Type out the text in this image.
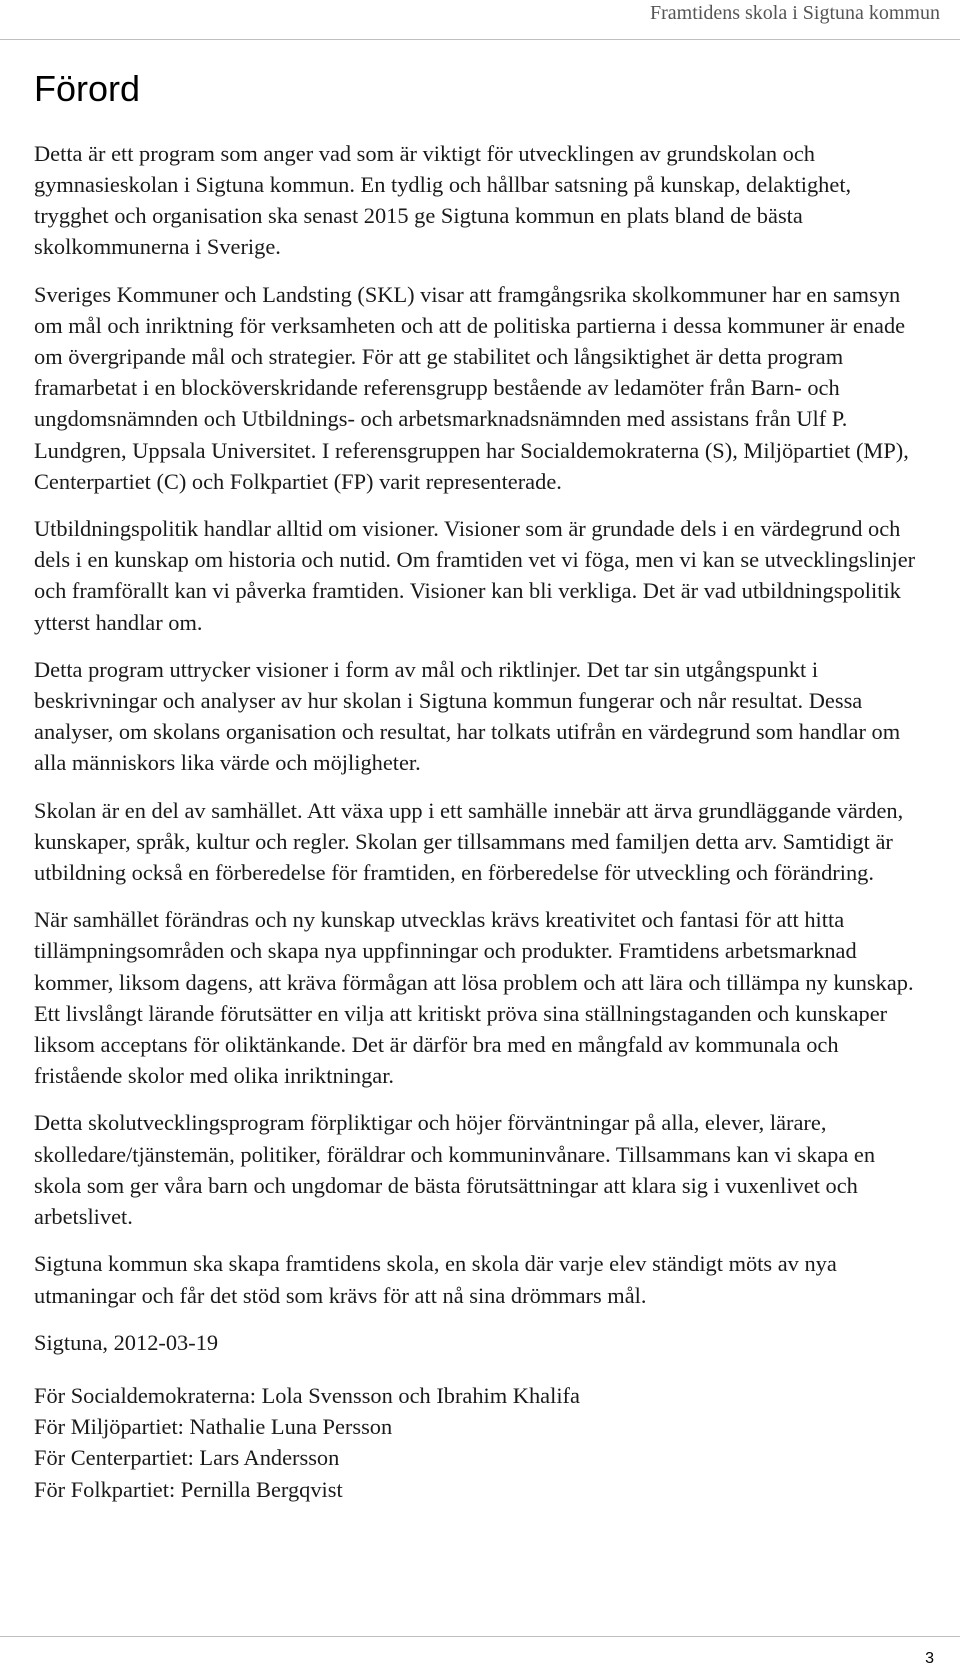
Framtidens skola i Sigtuna kommun
Förord

Detta är ett program som anger vad som är viktigt för utvecklingen av grundskolan och gymnasieskolan i Sigtuna kommun. En tydlig och hållbar satsning på kunskap, delaktighet, trygghet och organisation ska senast 2015 ge Sigtuna kommun en plats bland de bästa skolkommunerna i Sverige.

Sveriges Kommuner och Landsting (SKL) visar att framgångsrika skolkommuner har en samsyn om mål och inriktning för verksamheten och att de politiska partierna i dessa kommuner är enade om övergripande mål och strategier. För att ge stabilitet och långsiktighet är detta program framarbetat i en blocköverskridande referensgrupp bestående av ledamöter från Barn- och ungdomsnämnden och Utbildnings- och arbetsmarknadsnämnden med assistans från Ulf P. Lundgren, Uppsala Universitet. I referensgruppen har Socialdemokraterna (S), Miljöpartiet (MP), Centerpartiet (C) och Folkpartiet (FP) varit representerade.

Utbildningspolitik handlar alltid om visioner. Visioner som är grundade dels i en värdegrund och dels i en kunskap om historia och nutid. Om framtiden vet vi föga, men vi kan se utvecklingslinjer och framförallt kan vi påverka framtiden. Visioner kan bli verkliga. Det är vad utbildningspolitik ytterst handlar om.

Detta program uttrycker visioner i form av mål och riktlinjer. Det tar sin utgångspunkt i beskrivningar och analyser av hur skolan i Sigtuna kommun fungerar och når resultat. Dessa analyser, om skolans organisation och resultat, har tolkats utifrån en värdegrund som handlar om alla människors lika värde och möjligheter.

Skolan är en del av samhället. Att växa upp i ett samhälle innebär att ärva grundläggande värden, kunskaper, språk, kultur och regler. Skolan ger tillsammans med familjen detta arv. Samtidigt är utbildning också en förberedelse för framtiden, en förberedelse för utveckling och förändring.

När samhället förändras och ny kunskap utvecklas krävs kreativitet och fantasi för att hitta tillämpningsområden och skapa nya uppfinningar och produkter. Framtidens arbetsmarknad kommer, liksom dagens, att kräva förmågan att lösa problem och att lära och tillämpa ny kunskap. Ett livslångt lärande förutsätter en vilja att kritiskt pröva sina ställningstaganden och kunskaper liksom acceptans för oliktänkande. Det är därför bra med en mångfald av kommunala och fristående skolor med olika inriktningar.

Detta skolutvecklingsprogram förpliktigar och höjer förväntningar på alla, elever, lärare, skolledare/tjänstemän, politiker, föräldrar och kommuninvånare. Tillsammans kan vi skapa en skola som ger våra barn och ungdomar de bästa förutsättningar att klara sig i vuxenlivet och arbetslivet.

Sigtuna kommun ska skapa framtidens skola, en skola där varje elev ständigt möts av nya utmaningar och får det stöd som krävs för att nå sina drömmars mål.

Sigtuna, 2012-03-19

För Socialdemokraterna: Lola Svensson och Ibrahim Khalifa

För Miljöpartiet: Nathalie Luna Persson

För Centerpartiet: Lars Andersson

För Folkpartiet: Pernilla Bergqvist

3
